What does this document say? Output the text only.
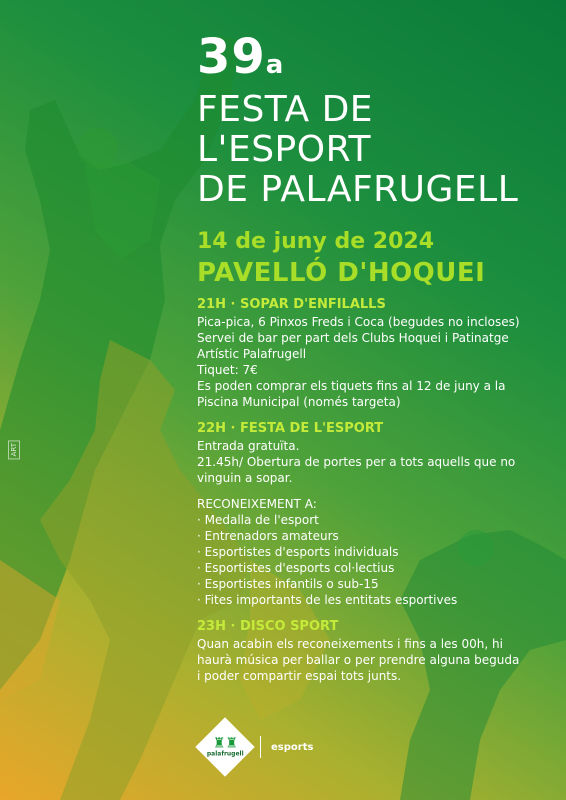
39a
FESTA DE L'ESPORT
DE PALAFRUGELL
14 de juny de 2024
PAVELLÓ D'HOQUEI
21H · SOPAR D'ENFILALLS
Pica-pica, 6 Pinxos Freds i Coca (begudes no incloses)
Servei de bar per part dels Clubs Hoquei i Patinatge
Artístic Palafrugell
Tiquet: 7€
Es poden comprar els tiquets fins al 12 de juny a la
Piscina Municipal (només targeta)
22H · FESTA DE L'ESPORT
Entrada gratuïta.
21.45h/ Obertura de portes per a tots aquells que no
vinguin a sopar.
RECONEIXEMENT A:
· Medalla de l'esport
· Entrenadors amateurs
· Esportistes d'esports individuals
· Esportistes d'esports col·lectius
· Esportistes infantils o sub-15
· Fites importants de les entitats esportives
23H · DISCO SPORT
Quan acabin els reconeixements i fins a les 00h, hi
haurà música per ballar o per prendre alguna beguda
i poder compartir espai tots junts.
♜♜
palafrugell
esports
ART
